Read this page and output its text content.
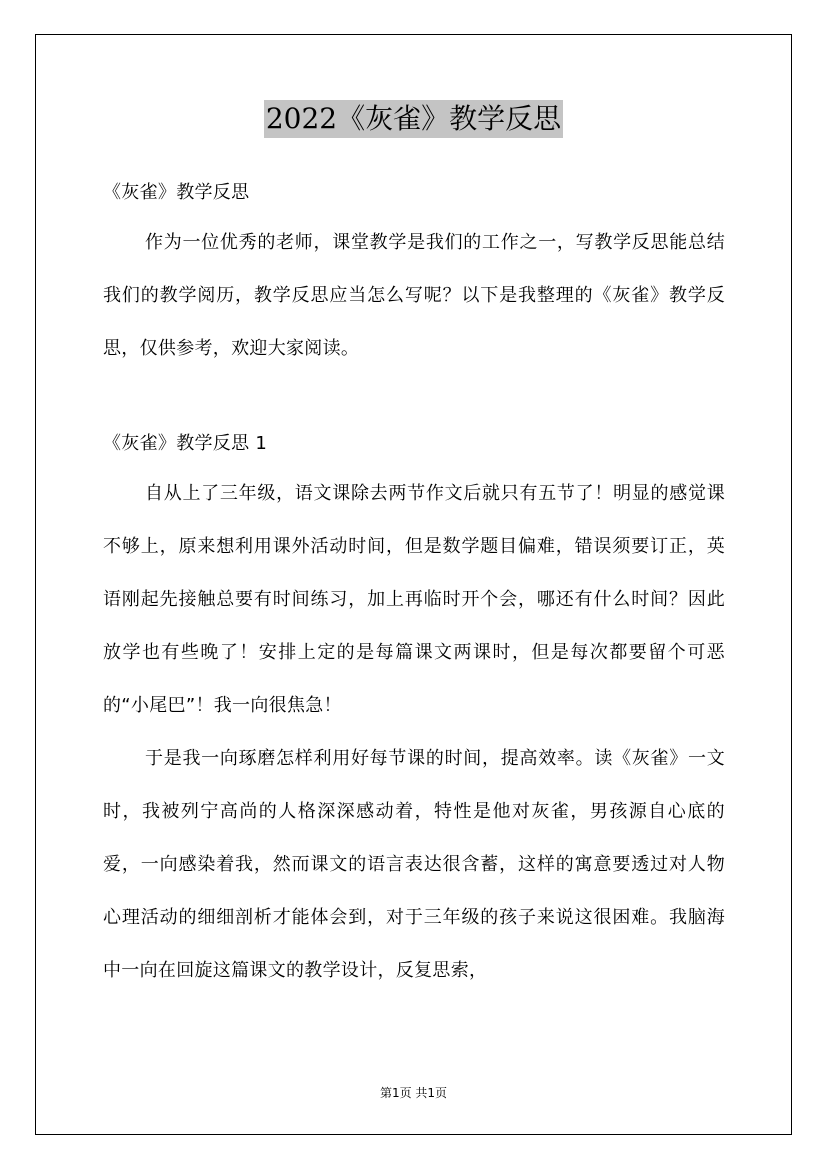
2022《灰雀》教学反思

《灰雀》教学反思

作为一位优秀的老师，课堂教学是我们的工作之一，写教学反思能总结我们的教学阅历，教学反思应当怎么写呢？以下是我整理的《灰雀》教学反思，仅供参考，欢迎大家阅读。

《灰雀》教学反思 1

自从上了三年级，语文课除去两节作文后就只有五节了！明显的感觉课不够上，原来想利用课外活动时间，但是数学题目偏难，错误须要订正，英语刚起先接触总要有时间练习，加上再临时开个会，哪还有什么时间？因此放学也有些晚了！安排上定的是每篇课文两课时，但是每次都要留个可恶的“小尾巴”！我一向很焦急！

于是我一向琢磨怎样利用好每节课的时间，提高效率。读《灰雀》一文时，我被列宁高尚的人格深深感动着，特性是他对灰雀，男孩源自心底的爱，一向感染着我，然而课文的语言表达很含蓄，这样的寓意要透过对人物心理活动的细细剖析才能体会到，对于三年级的孩子来说这很困难。我脑海中一向在回旋这篇课文的教学设计，反复思索，

第1页 共1页
